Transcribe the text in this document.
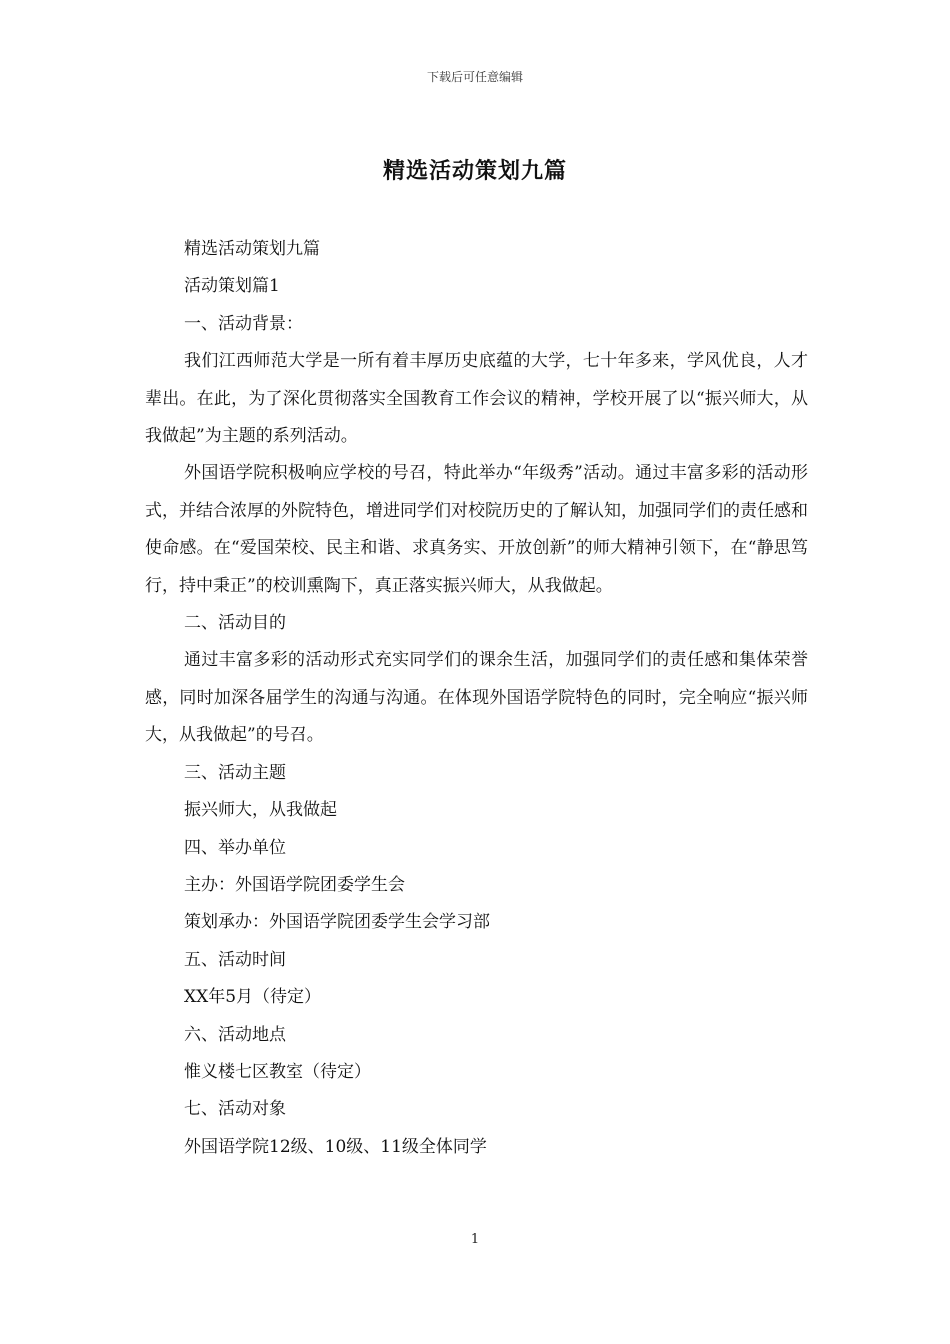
下载后可任意编辑
精选活动策划九篇

精选活动策划九篇

活动策划篇1

一、活动背景：

我们江西师范大学是一所有着丰厚历史底蕴的大学，七十年多来，学风优良，人才辈出。在此，为了深化贯彻落实全国教育工作会议的精神，学校开展了以“振兴师大，从我做起”为主题的系列活动。

外国语学院积极响应学校的号召，特此举办“年级秀”活动。通过丰富多彩的活动形式，并结合浓厚的外院特色，增进同学们对校院历史的了解认知，加强同学们的责任感和使命感。在“爱国荣校、民主和谐、求真务实、开放创新”的师大精神引领下，在“静思笃行，持中秉正”的校训熏陶下，真正落实振兴师大，从我做起。

二、活动目的

通过丰富多彩的活动形式充实同学们的课余生活，加强同学们的责任感和集体荣誉感，同时加深各届学生的沟通与沟通。在体现外国语学院特色的同时，完全响应“振兴师大，从我做起”的号召。

三、活动主题

振兴师大，从我做起

四、举办单位

主办：外国语学院团委学生会

策划承办：外国语学院团委学生会学习部

五、活动时间

XX年5月（待定）

六、活动地点

惟义楼七区教室（待定）

七、活动对象

外国语学院12级、10级、11级全体同学

1
